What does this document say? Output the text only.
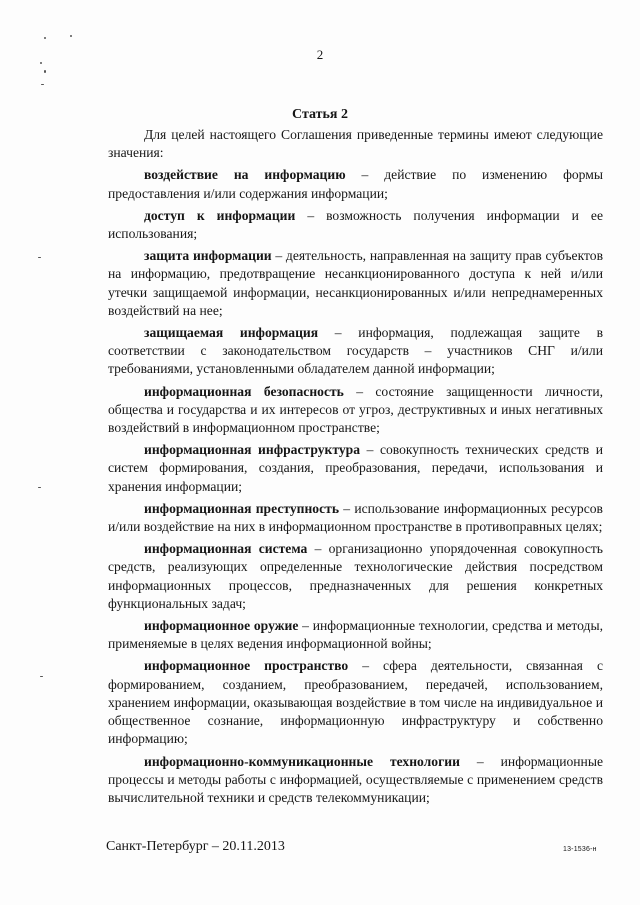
2
Статья 2

Для целей настоящего Соглашения приведенные термины имеют следующие значения:

воздействие на информацию – действие по изменению формы предоставления и/или содержания информации;

доступ к информации – возможность получения информации и ее использования;

защита информации – деятельность, направленная на защиту прав субъектов на информацию, предотвращение несанкционированного доступа к ней и/или утечки защищаемой информации, несанкционированных и/или непреднамеренных воздействий на нее;

защищаемая информация – информация, подлежащая защите в соответствии с законодательством государств – участников СНГ и/или требованиями, установленными обладателем данной информации;

информационная безопасность – состояние защищенности личности, общества и государства и их интересов от угроз, деструктивных и иных негативных воздействий в информационном пространстве;

информационная инфраструктура – совокупность технических средств и систем формирования, создания, преобразования, передачи, использования и хранения информации;

информационная преступность – использование информационных ресурсов и/или воздействие на них в информационном пространстве в противоправных целях;

информационная система – организационно упорядоченная совокупность средств, реализующих определенные технологические действия посредством информационных процессов, предназначенных для решения конкретных функциональных задач;

информационное оружие – информационные технологии, средства и методы, применяемые в целях ведения информационной войны;

информационное пространство – сфера деятельности, связанная с формированием, созданием, преобразованием, передачей, использованием, хранением информации, оказывающая воздействие в том числе на индивидуальное и общественное сознание, информационную инфраструктуру и собственно информацию;

информационно-коммуникационные технологии – информационные процессы и методы работы с информацией, осуществляемые с применением средств вычислительной техники и средств телекоммуникации;

Санкт-Петербург – 20.11.2013	13-1536-н
